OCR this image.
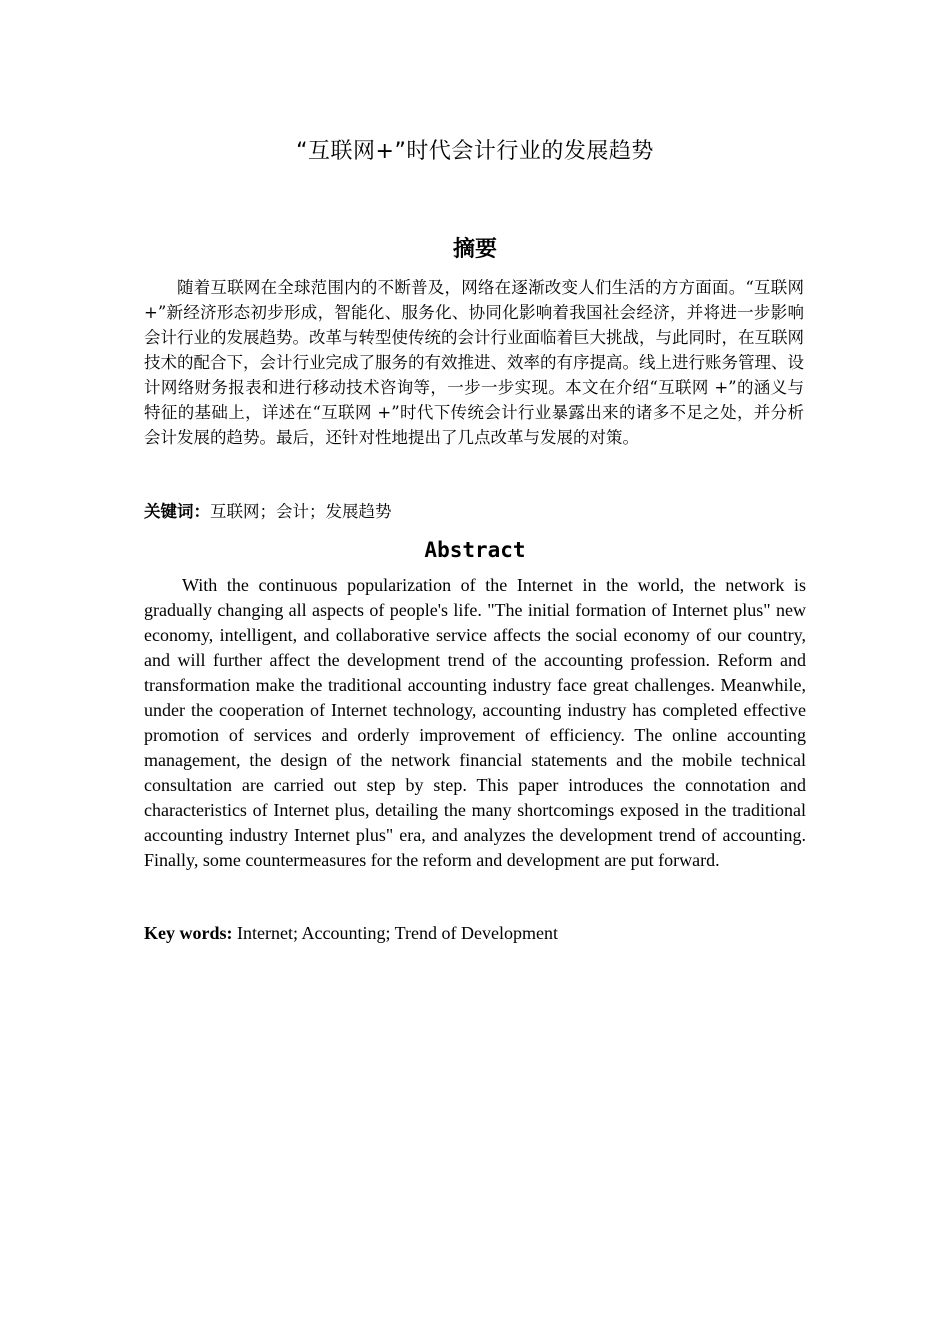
“互联网+”时代会计行业的发展趋势
摘要

随着互联网在全球范围内的不断普及，网络在逐渐改变人们生活的方方面面。“互联网 +”新经济形态初步形成，智能化、服务化、协同化影响着我国社会经济，并将进一步影响会计行业的发展趋势。改革与转型使传统的会计行业面临着巨大挑战，与此同时，在互联网技术的配合下，会计行业完成了服务的有效推进、效率的有序提高。线上进行账务管理、设计网络财务报表和进行移动技术咨询等，一步一步实现。本文在介绍“互联网 +”的涵义与特征的基础上，详述在“互联网 +”时代下传统会计行业暴露出来的诸多不足之处，并分析会计发展的趋势。最后，还针对性地提出了几点改革与发展的对策。

关键词：互联网；会计；发展趋势

Abstract

With the continuous popularization of the Internet in the world, the network is gradually changing all aspects of people's life. "The initial formation of Internet plus" new economy, intelligent, and collaborative service affects the social economy of our country, and will further affect the development trend of the accounting profession. Reform and transformation make the traditional accounting industry face great challenges. Meanwhile, under the cooperation of Internet technology, accounting industry has completed effective promotion of services and orderly improvement of efficiency. The online accounting management, the design of the network financial statements and the mobile technical consultation are carried out step by step. This paper introduces the connotation and characteristics of Internet plus, detailing the many shortcomings exposed in the traditional accounting industry Internet plus" era, and analyzes the development trend of accounting. Finally, some countermeasures for the reform and development are put forward.

Key words: Internet; Accounting; Trend of Development
